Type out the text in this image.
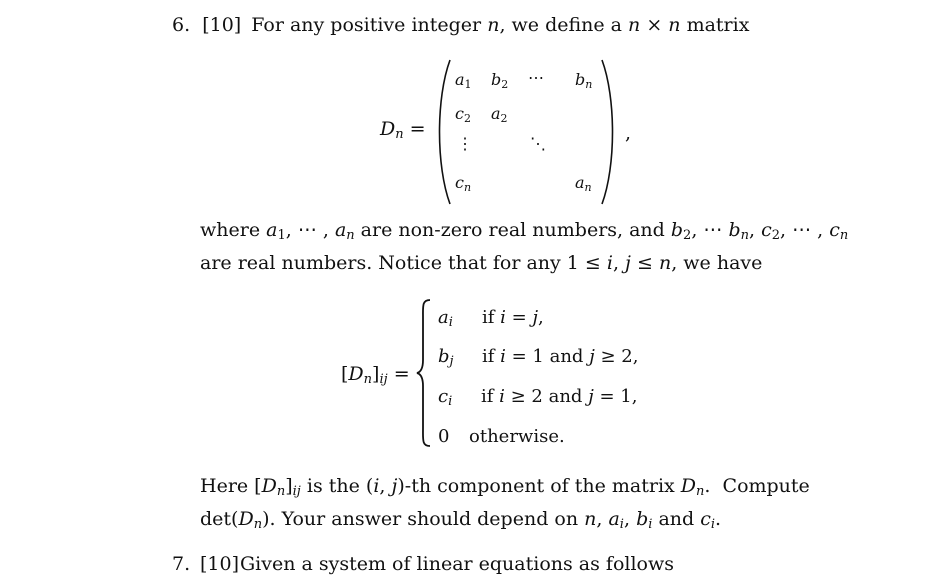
6. [10] For any positive integer n, we define a n × n matrix
Dn =
a1 b2 ⋯ bn
c2 a2
⋮	⋱
cn	an
,
where a1, ⋯ , an are non-zero real numbers, and b2, ⋯ bn, c2, ⋯ , cn
are real numbers. Notice that for any 1 ≤ i, j ≤ n, we have
[Dn]ij =
ai if i = j,
bj if i = 1 and j ≥ 2,
ci if i ≥ 2 and j = 1,
0 otherwise.
Here [Dn]ij is the (i, j)-th component of the matrix Dn.  Compute
det(Dn). Your answer should depend on n, ai, bi and ci.
7. [10] Given a system of linear equations as follows
